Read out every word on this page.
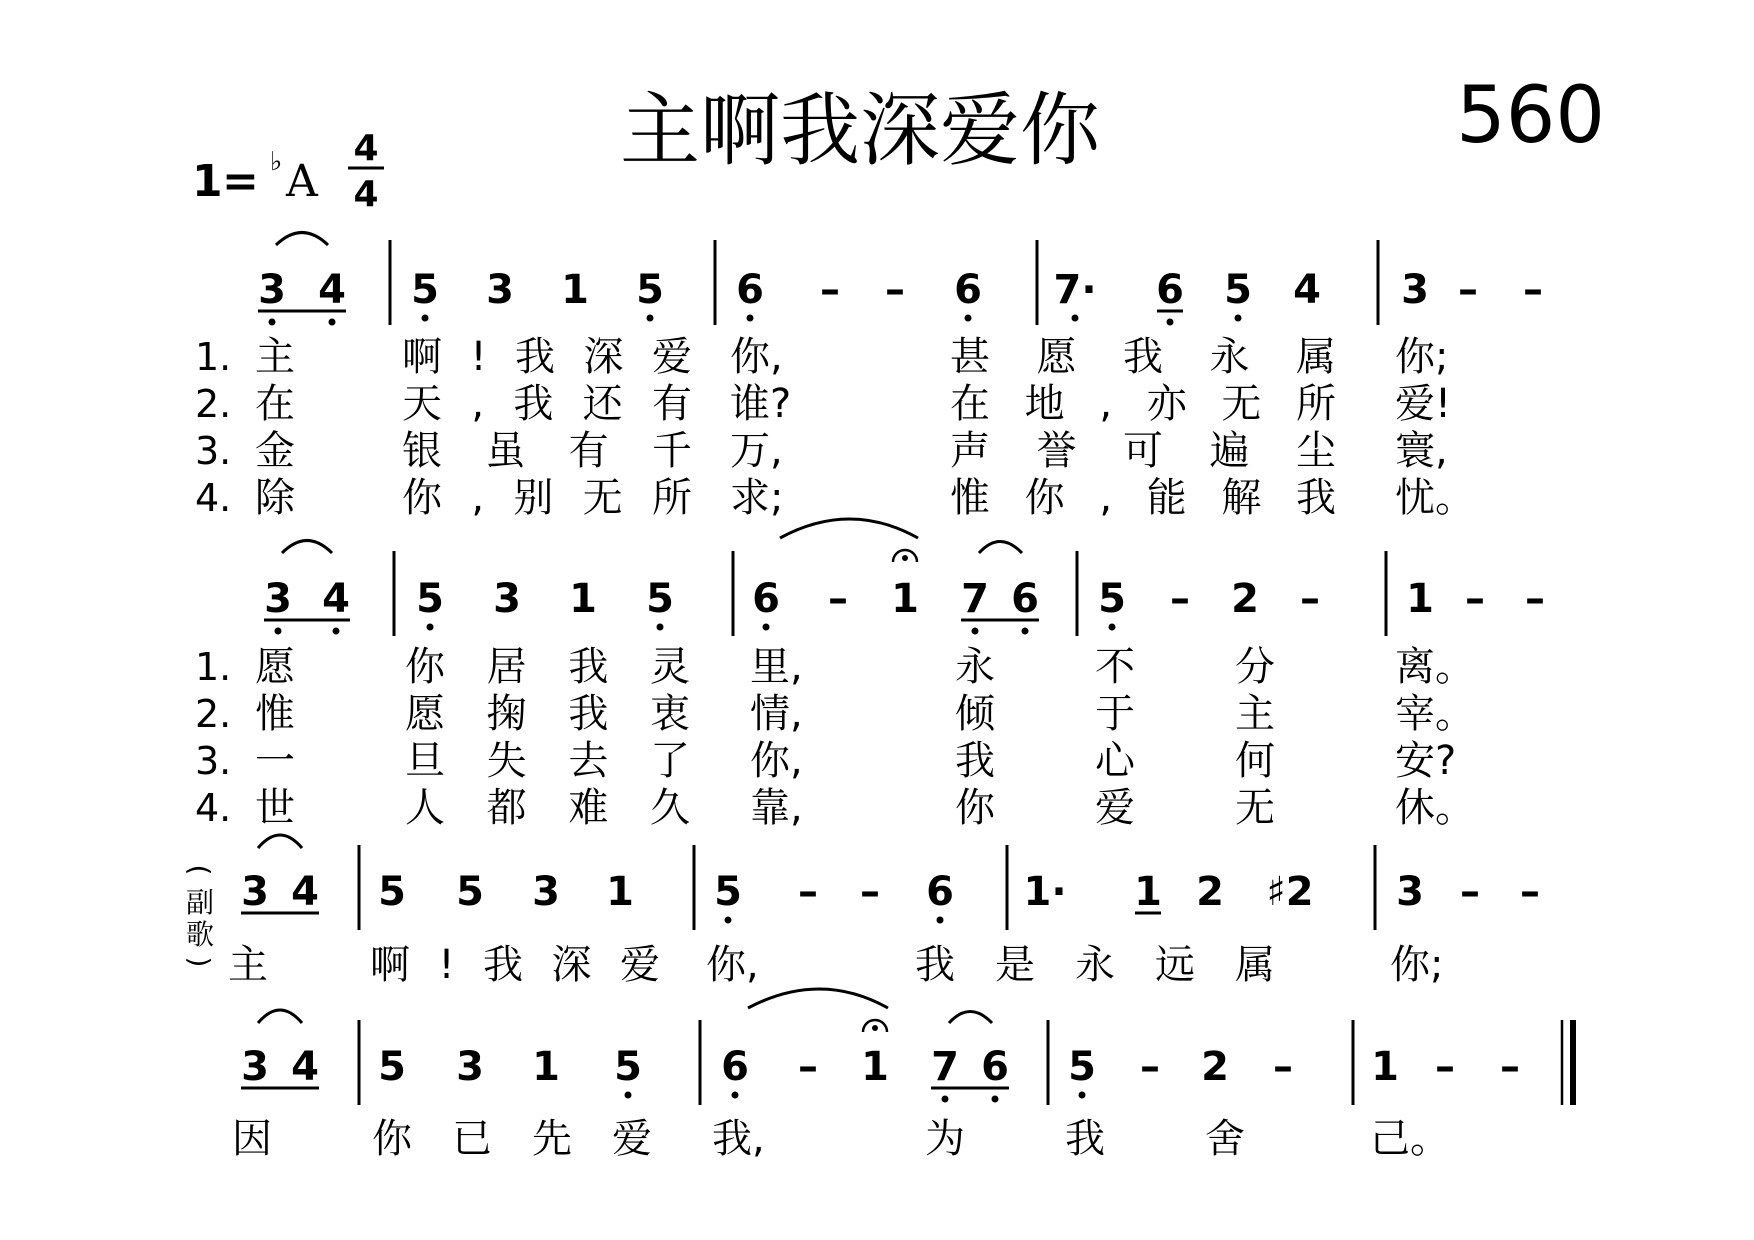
主啊我深爱你	560
1 = ♭ A
4
4
(
副
歌
)
3 4 5 3 1 5 6 – – 6 7· 6 5 4 3 – –
1. 主	啊!我深爱 你,	甚愿我永属 你;
2. 在	天,我还有 谁?	在地,亦无所 爱!
3. 金	银虽有千 万,	声誉可遍尘 寰,
4. 除	你,别无所 求;	惟你,能解我 忧。
3 4 5 3 1 5 6 – 1 7 6 5 – 2 – 1 – –
1. 愿	你居我灵 里,	永不分	离。
2. 惟	愿掬我衷 情,	倾于主	宰。
3. 一	旦失去了 你,	我心何	安?
4. 世	人都难久 靠,	你爱无	休。
3 4 5 5 3 1 5 – – 6 1· 1 2 ♯2 3 – –
主	啊!我深爱 你,	我是永远属	你;
3 4 5 3 1 5 6 – 1 7 6 5 – 2 – 1 – –
因	你已先爱 我,	为我舍	己。
